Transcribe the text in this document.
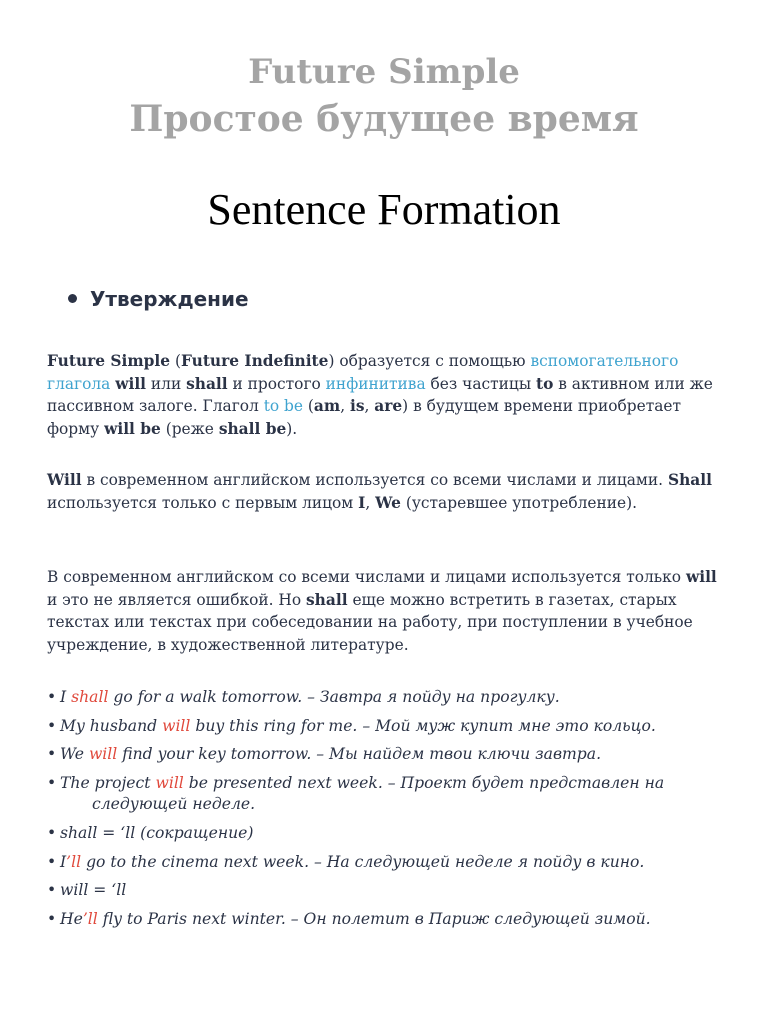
Future Simple
Простое будущее время
Sentence Formation
Утверждение
Future Simple (Future Indefinite) образуется с помощью вспомогательного глагола will или shall и простого инфинитива без частицы to в активном или же пассивном залоге. Глагол to be (am, is, are) в будущем времени приобретает форму will be (реже shall be).
Will в современном английском используется со всеми числами и лицами. Shall используется только с первым лицом I, We (устаревшее употребление).
В современном английском со всеми числами и лицами используется только will и это не является ошибкой. Но shall еще можно встретить в газетах, старых текстах или текстах при собеседовании на работу, при поступлении в учебное учреждение, в художественной литературе.
• I shall go for a walk tomorrow. – Завтра я пойду на прогулку.
• My husband will buy this ring for me. – Мой муж купит мне это кольцо.
• We will find your key tomorrow. – Мы найдем твои ключи завтра.
• The project will be presented next week. – Проект будет представлен на
следующей неделе.
• shall = ‘ll (сокращение)
• I’ll go to the cinema next week. – На следующей неделе я пойду в кино.
• will = ‘ll
• He’ll fly to Paris next winter. – Он полетит в Париж следующей зимой.
